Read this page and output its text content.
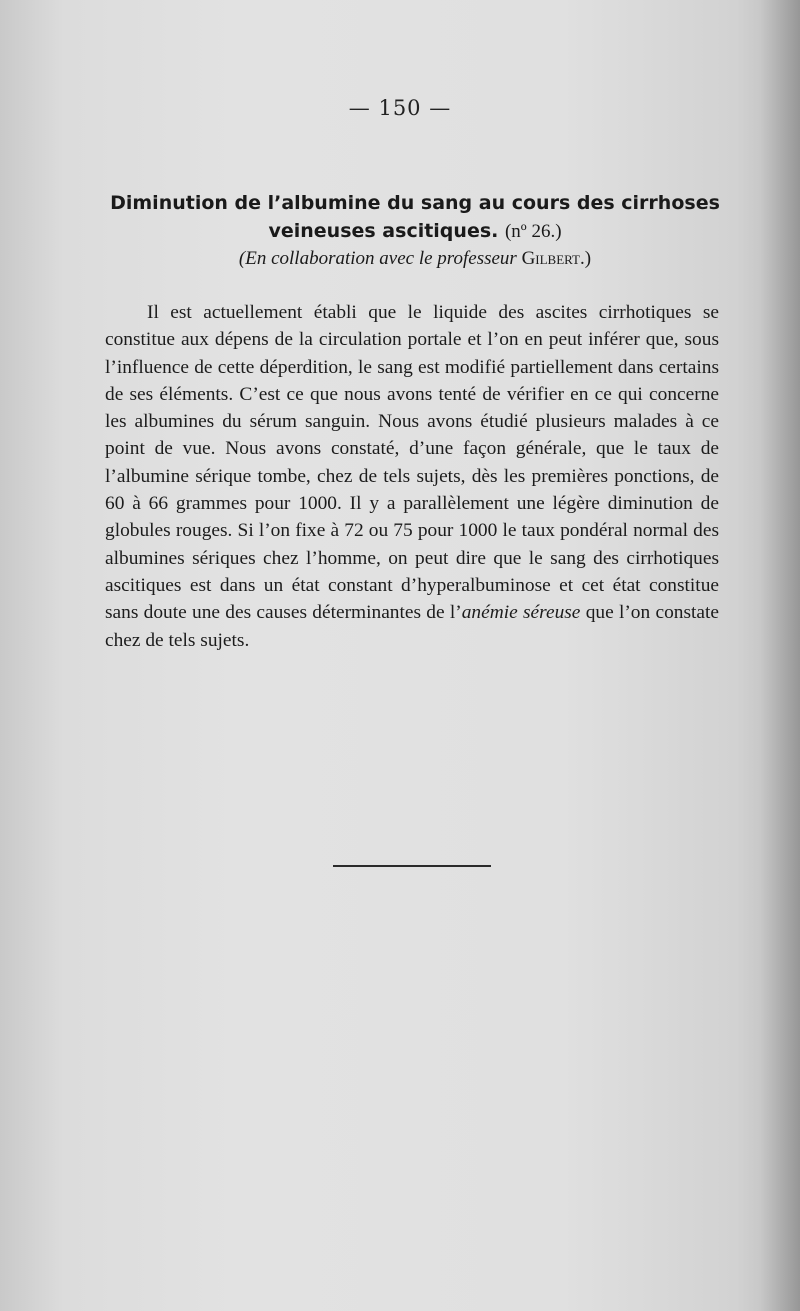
— 150 —
Diminution de l’albumine du sang au cours des cirrhoses veineuses ascitiques. (nº 26.)
(En collaboration avec le professeur Gilbert.)

Il est actuellement établi que le liquide des ascites cirrhotiques se constitue aux dépens de la circulation portale et l’on en peut inférer que, sous l’influence de cette déperdition, le sang est modifié partiellement dans certains de ses éléments. C’est ce que nous avons tenté de vérifier en ce qui concerne les albumines du sérum sanguin. Nous avons étudié plusieurs malades à ce point de vue. Nous avons constaté, d’une façon générale, que le taux de l’albumine sérique tombe, chez de tels sujets, dès les premières ponctions, de 60 à 66 grammes pour 1000. Il y a parallèlement une légère diminution de globules rouges. Si l’on fixe à 72 ou 75 pour 1000 le taux pondéral normal des albumines sériques chez l’homme, on peut dire que le sang des cirrhotiques ascitiques est dans un état constant d’hyperalbuminose et cet état constitue sans doute une des causes déterminantes de l’anémie séreuse que l’on constate chez de tels sujets.
